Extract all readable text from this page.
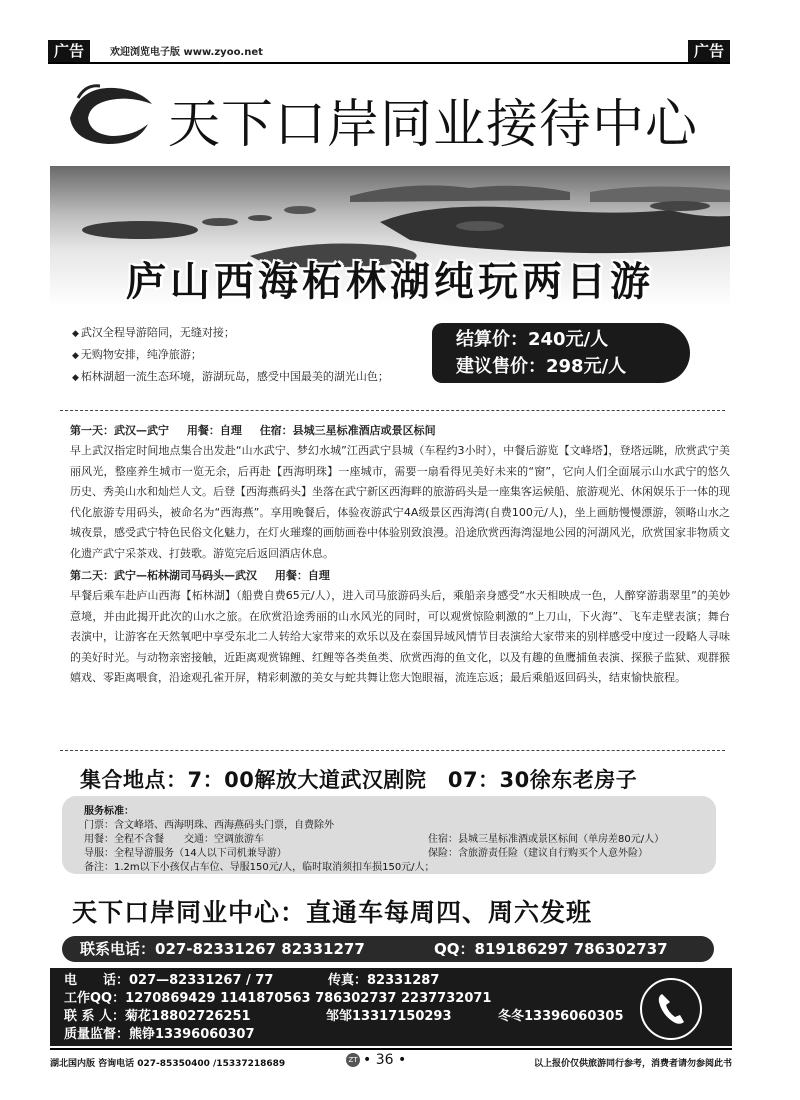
广告	欢迎浏览电子版 www.zyoo.net	广告
天下口岸同业接待中心
庐山西海柘林湖纯玩两日游
◆ 武汉全程导游陪同，无缝对接；
◆ 无购物安排，纯净旅游；
◆ 柘林湖超一流生态环境，游湖玩岛，感受中国最美的湖光山色；
结算价：240元/人
建议售价：298元/人
第一天：武汉—武宁 用餐：自理 住宿：县城三星标准酒店或景区标间
早上武汉指定时间地点集合出发赴“山水武宁、梦幻水城”江西武宁县城（车程约3小时），中餐后游览【文峰塔】，登塔远眺，欣赏武宁美丽风光，整座养生城市一览无余，后再赴【西海明珠】一座城市，需要一扇看得见美好未来的“窗”，它向人们全面展示山水武宁的悠久历史、秀美山水和灿烂人文。后登【西海燕码头】坐落在武宁新区西海畔的旅游码头是一座集客运候船、旅游观光、休闲娱乐于一体的现代化旅游专用码头，被命名为“西海燕”。享用晚餐后，体验夜游武宁4A级景区西海湾(自费100元/人)，坐上画舫慢慢漂游，领略山水之城夜景，感受武宁特色民俗文化魅力，在灯火璀璨的画舫画卷中体验别致浪漫。沿途欣赏西海湾湿地公园的河湖风光，欣赏国家非物质文化遗产武宁采茶戏、打鼓歌。游览完后返回酒店休息。
第二天：武宁—柘林湖司马码头—武汉 用餐：自理
早餐后乘车赴庐山西海【柘林湖】（船费自费65元/人），进入司马旅游码头后，乘船亲身感受“水天相映成一色，人醉穿游翡翠里”的美妙意境，并由此揭开此次的山水之旅。在欣赏沿途秀丽的山水风光的同时，可以观赏惊险刺激的“上刀山，下火海”、飞车走壁表演；舞台表演中，让游客在天然氧吧中享受东北二人转给大家带来的欢乐以及在泰国异域风情节目表演给大家带来的别样感受中度过一段略人寻味的美好时光。与动物亲密接触，近距离观赏锦鲤、红鲤等各类鱼类、欣赏西海的鱼文化，以及有趣的鱼鹰捕鱼表演、探猴子监狱、观群猴嬉戏、零距离喂食，沿途观孔雀开屏，精彩刺激的美女与蛇共舞让您大饱眼福，流连忘返；最后乘船返回码头，结束愉快旅程。
集合地点：7：00解放大道武汉剧院　07：30徐东老房子
服务标准：
门票：含文峰塔、西海明珠、西海燕码头门票，自费除外
用餐：全程不含餐　　交通：空调旅游车	住宿：县城三星标准酒或景区标间（单房差80元/人）
导服：全程导游服务（14人以下司机兼导游）	保险：含旅游责任险（建议自行购买个人意外险）
备注：1.2m以下小孩仅占车位、导服150元/人，临时取消须扣车损150元/人；
天下口岸同业中心：直通车每周四、周六发班
联系电话：027-82331267 82331277	QQ：819186297 786302737
电　　话：027—82331267 / 77	传真：82331287
工作QQ：1270869429 1141870563 786302737 2237732071
联 系 人：菊花18802726251	邹邹13317150293	冬冬13396060305
质量监督：熊铮13396060307
湖北国内版 咨询电话 027-85350400 /15337218689	ZT • 36 •	以上报价仅供旅游同行参考，消费者请勿参阅此书
